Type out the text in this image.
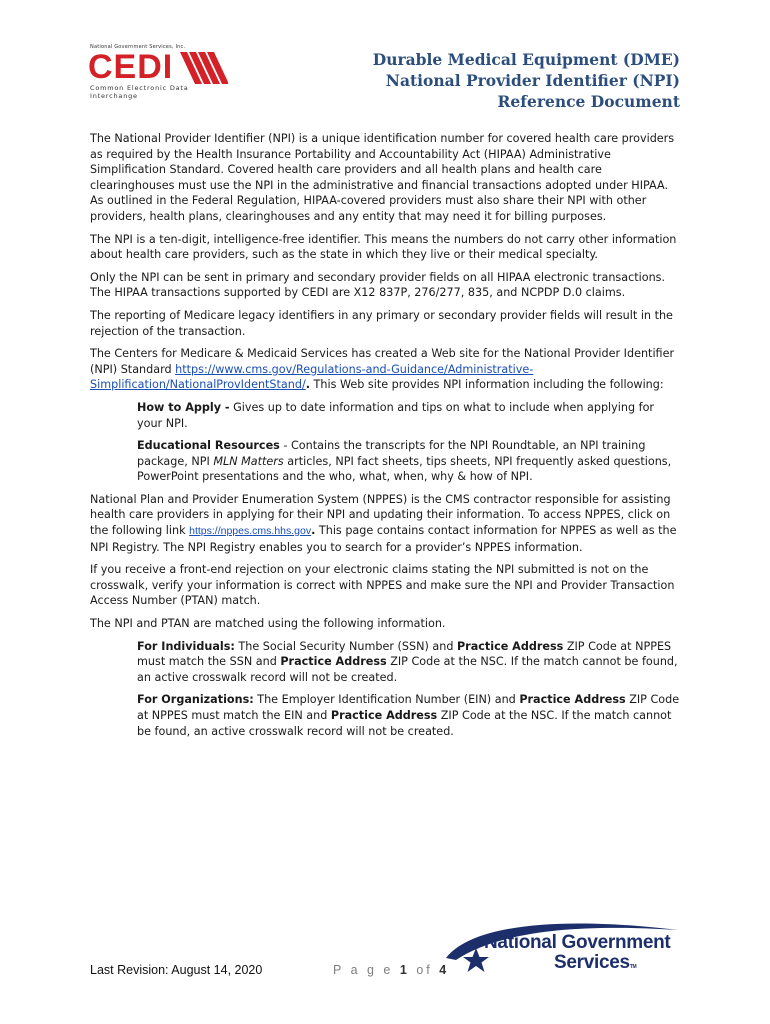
National Government Services, Inc.
CEDI
Common Electronic Data Interchange
Durable Medical Equipment (DME)
National Provider Identifier (NPI)
Reference Document

The National Provider Identifier (NPI) is a unique identification number for covered health care providers as required by the Health Insurance Portability and Accountability Act (HIPAA) Administrative Simplification Standard. Covered health care providers and all health plans and health care clearinghouses must use the NPI in the administrative and financial transactions adopted under HIPAA. As outlined in the Federal Regulation, HIPAA-covered providers must also share their NPI with other providers, health plans, clearinghouses and any entity that may need it for billing purposes.

The NPI is a ten-digit, intelligence-free identifier. This means the numbers do not carry other information about health care providers, such as the state in which they live or their medical specialty.

Only the NPI can be sent in primary and secondary provider fields on all HIPAA electronic transactions. The HIPAA transactions supported by CEDI are X12 837P, 276/277, 835, and NCPDP D.0 claims.

The reporting of Medicare legacy identifiers in any primary or secondary provider fields will result in the rejection of the transaction.

The Centers for Medicare & Medicaid Services has created a Web site for the National Provider Identifier (NPI) Standard https://www.cms.gov/Regulations-and-Guidance/Administrative-Simplification/NationalProvIdentStand/. This Web site provides NPI information including the following:

How to Apply - Gives up to date information and tips on what to include when applying for your NPI.

Educational Resources - Contains the transcripts for the NPI Roundtable, an NPI training package, NPI MLN Matters articles, NPI fact sheets, tips sheets, NPI frequently asked questions, PowerPoint presentations and the who, what, when, why & how of NPI.

National Plan and Provider Enumeration System (NPPES) is the CMS contractor responsible for assisting health care providers in applying for their NPI and updating their information. To access NPPES, click on the following link https://nppes.cms.hhs.gov. This page contains contact information for NPPES as well as the NPI Registry. The NPI Registry enables you to search for a provider’s NPPES information.

If you receive a front-end rejection on your electronic claims stating the NPI submitted is not on the crosswalk, verify your information is correct with NPPES and make sure the NPI and Provider Transaction Access Number (PTAN) match.

The NPI and PTAN are matched using the following information.

For Individuals: The Social Security Number (SSN) and Practice Address ZIP Code at NPPES must match the SSN and Practice Address ZIP Code at the NSC. If the match cannot be found, an active crosswalk record will not be created.

For Organizations: The Employer Identification Number (EIN) and Practice Address ZIP Code at NPPES must match the EIN and Practice Address ZIP Code at the NSC. If the match cannot be found, an active crosswalk record will not be created.

Last Revision: August 14, 2020	P a g e 1 of 4
National Government
ServicesTM
